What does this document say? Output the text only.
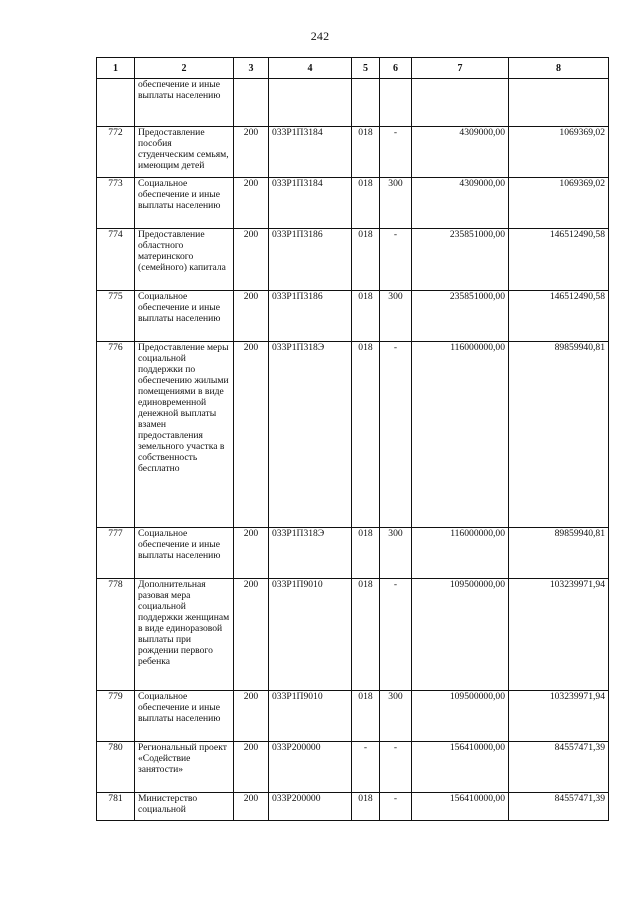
242
1	2	3	4	5	6	7	8
	обеспечение и иные выплаты населению						
772	Предоставление пособия студенческим семьям, имеющим детей	200	033Р1П3184	018	-	4309000,00	1069369,02
773	Социальное обеспечение и иные выплаты населению	200	033Р1П3184	018	300	4309000,00	1069369,02
774	Предоставление областного материнского (семейного) капитала	200	033Р1П3186	018	-	235851000,00	146512490,58
775	Социальное обеспечение и иные выплаты населению	200	033Р1П3186	018	300	235851000,00	146512490,58
776	Предоставление меры социальной поддержки по обеспечению жилыми помещениями в виде единовременной денежной выплаты взамен предоставления земельного участка в собственность бесплатно	200	033Р1П318Э	018	-	116000000,00	89859940,81
777	Социальное обеспечение и иные выплаты населению	200	033Р1П318Э	018	300	116000000,00	89859940,81
778	Дополнительная разовая мера социальной поддержки женщинам в виде единоразовой выплаты при рождении первого ребенка	200	033Р1П9010	018	-	109500000,00	103239971,94
779	Социальное обеспечение и иные выплаты населению	200	033Р1П9010	018	300	109500000,00	103239971,94
780	Региональный проект «Содействие занятости»	200	033Р200000	-	-	156410000,00	84557471,39
781	Министерство социальной	200	033Р200000	018	-	156410000,00	84557471,39
